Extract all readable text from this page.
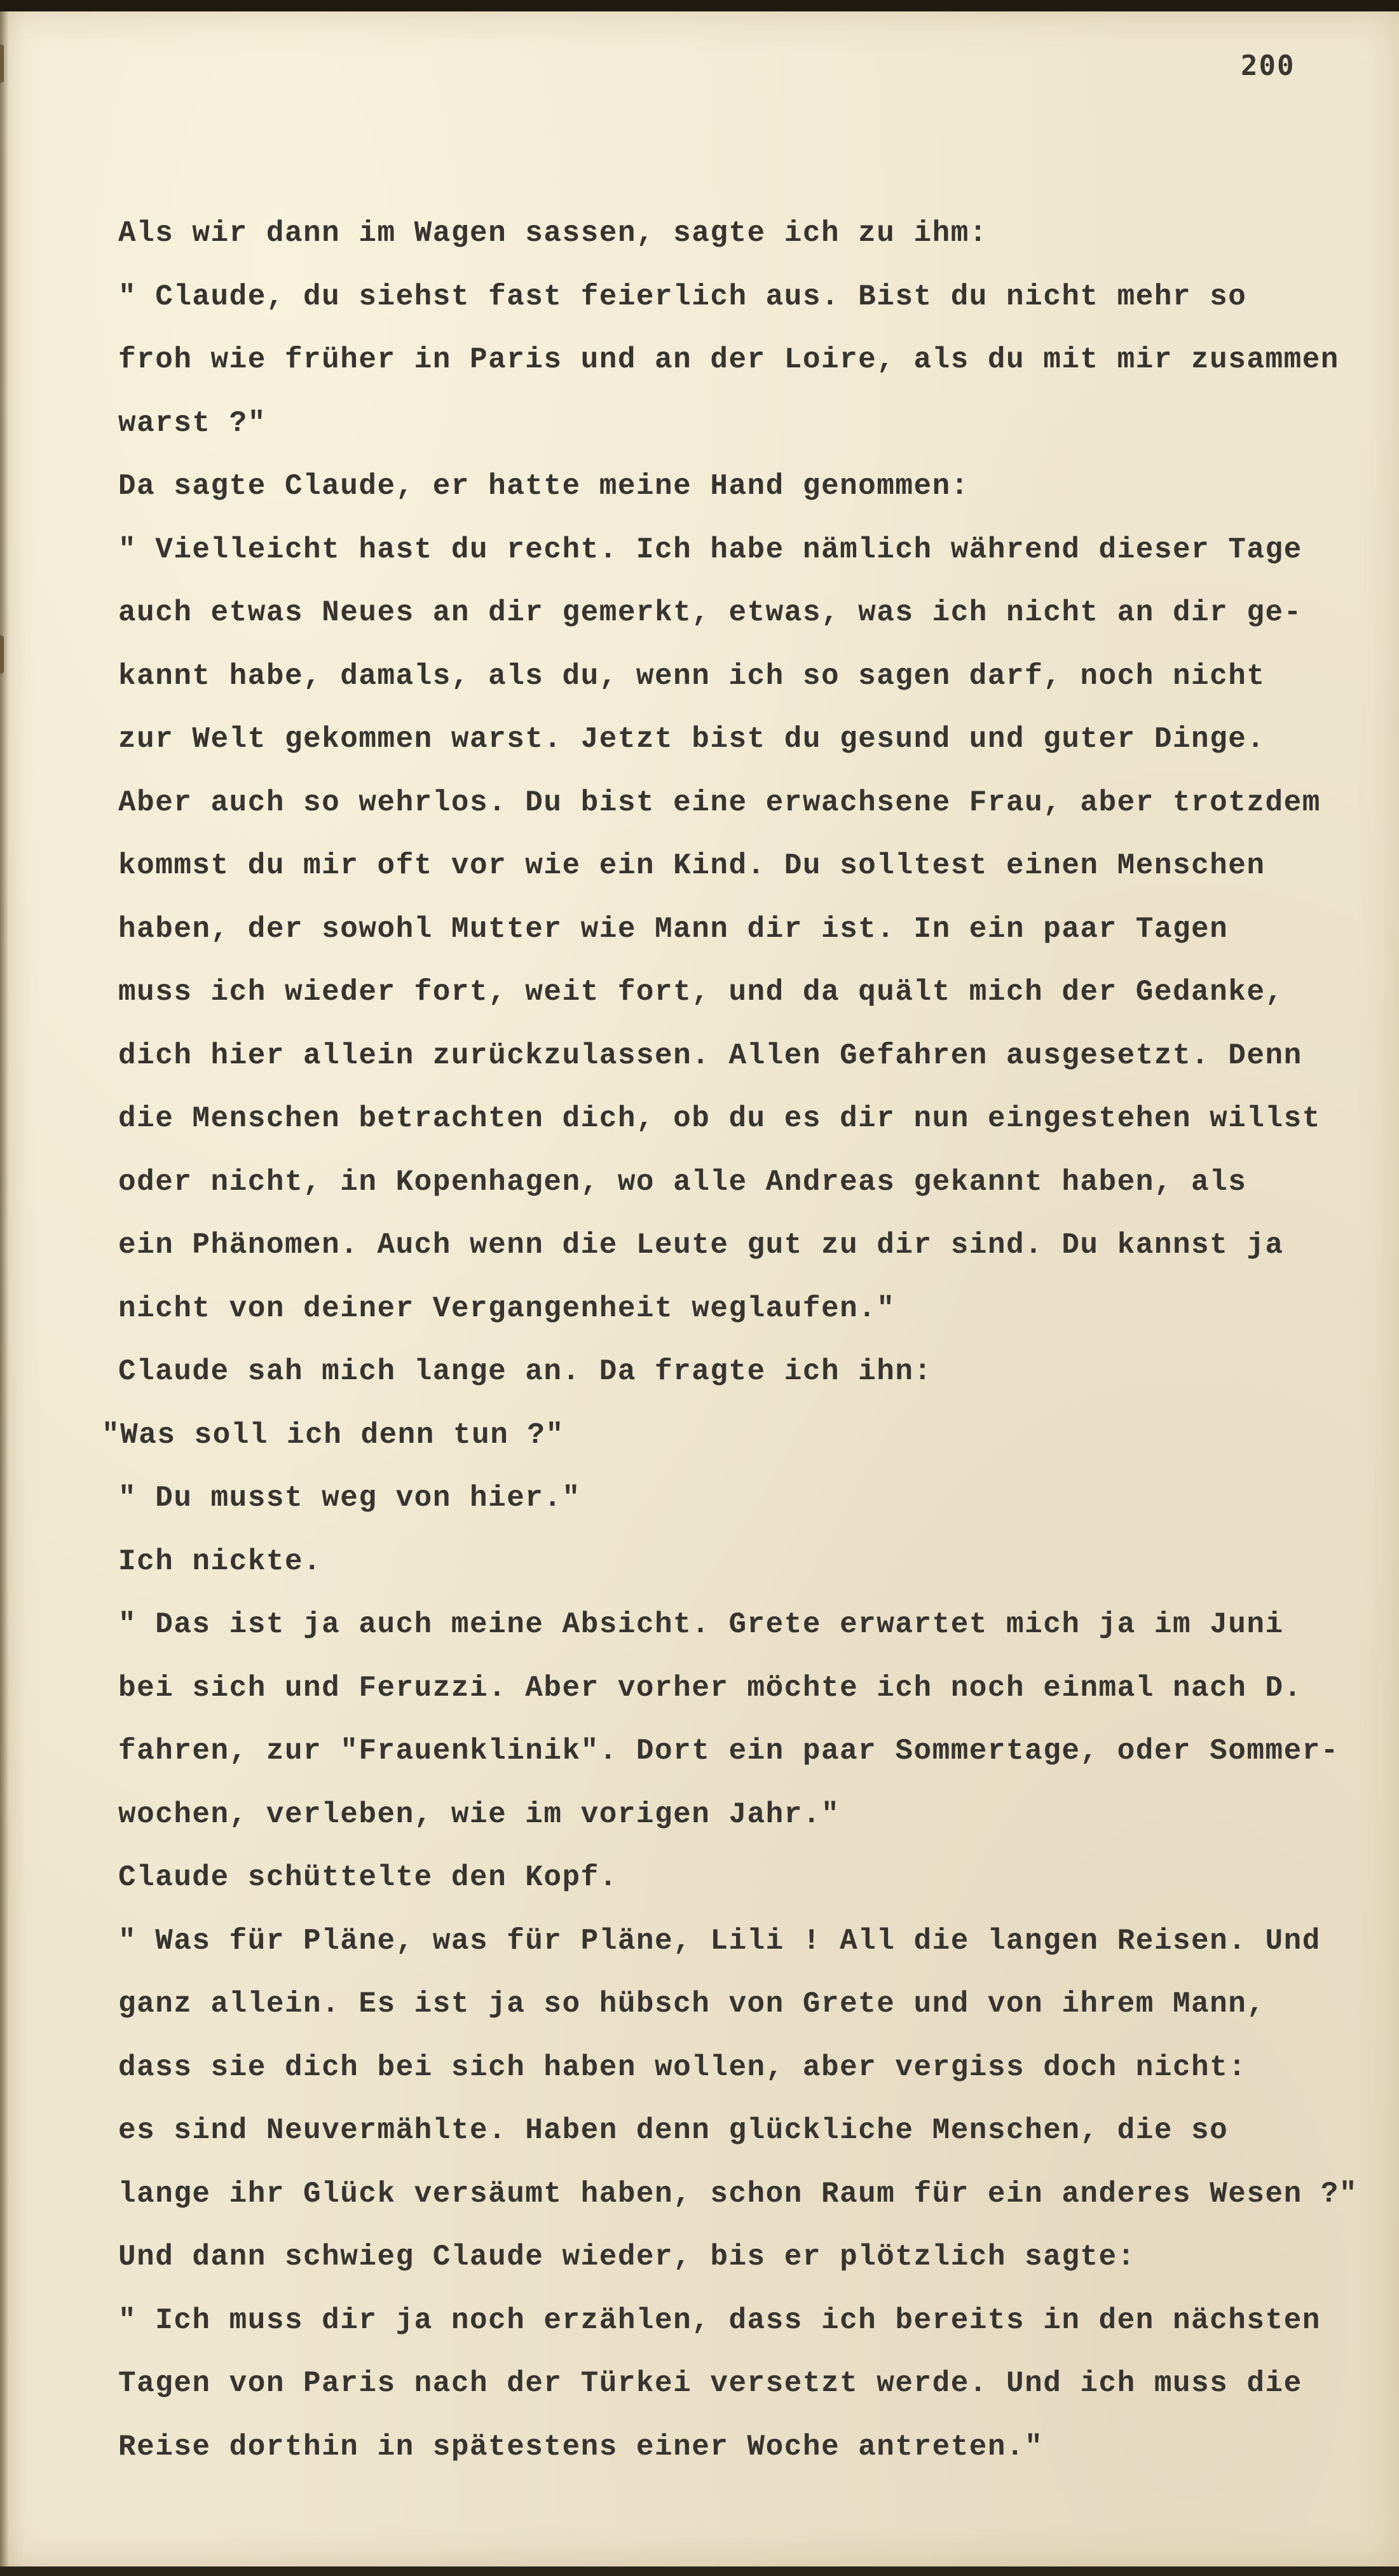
200
Als wir dann im Wagen sassen, sagte ich zu ihm:
" Claude, du siehst fast feierlich aus. Bist du nicht mehr so
froh wie früher in Paris und an der Loire, als du mit mir zusammen
warst ?"
Da sagte Claude, er hatte meine Hand genommen:
" Vielleicht hast du recht. Ich habe nämlich während dieser Tage
auch etwas Neues an dir gemerkt, etwas, was ich nicht an dir ge-
kannt habe, damals, als du, wenn ich so sagen darf, noch nicht
zur Welt gekommen warst. Jetzt bist du gesund und guter Dinge.
Aber auch so wehrlos. Du bist eine erwachsene Frau, aber trotzdem
kommst du mir oft vor wie ein Kind. Du solltest einen Menschen
haben, der sowohl Mutter wie Mann dir ist. In ein paar Tagen
muss ich wieder fort, weit fort, und da quält mich der Gedanke,
dich hier allein zurückzulassen. Allen Gefahren ausgesetzt. Denn
die Menschen betrachten dich, ob du es dir nun eingestehen willst
oder nicht, in Kopenhagen, wo alle Andreas gekannt haben, als
ein Phänomen. Auch wenn die Leute gut zu dir sind. Du kannst ja
nicht von deiner Vergangenheit weglaufen."
Claude sah mich lange an. Da fragte ich ihn:
"Was soll ich denn tun ?"
" Du musst weg von hier."
Ich nickte.
" Das ist ja auch meine Absicht. Grete erwartet mich ja im Juni
bei sich und Feruzzi. Aber vorher möchte ich noch einmal nach D.
fahren, zur "Frauenklinik". Dort ein paar Sommertage, oder Sommer-
wochen, verleben, wie im vorigen Jahr."
Claude schüttelte den Kopf.
" Was für Pläne, was für Pläne, Lili ! All die langen Reisen. Und
ganz allein. Es ist ja so hübsch von Grete und von ihrem Mann,
dass sie dich bei sich haben wollen, aber vergiss doch nicht:
es sind Neuvermählte. Haben denn glückliche Menschen, die so
lange ihr Glück versäumt haben, schon Raum für ein anderes Wesen ?"
Und dann schwieg Claude wieder, bis er plötzlich sagte:
" Ich muss dir ja noch erzählen, dass ich bereits in den nächsten
Tagen von Paris nach der Türkei versetzt werde. Und ich muss die
Reise dorthin in spätestens einer Woche antreten."
